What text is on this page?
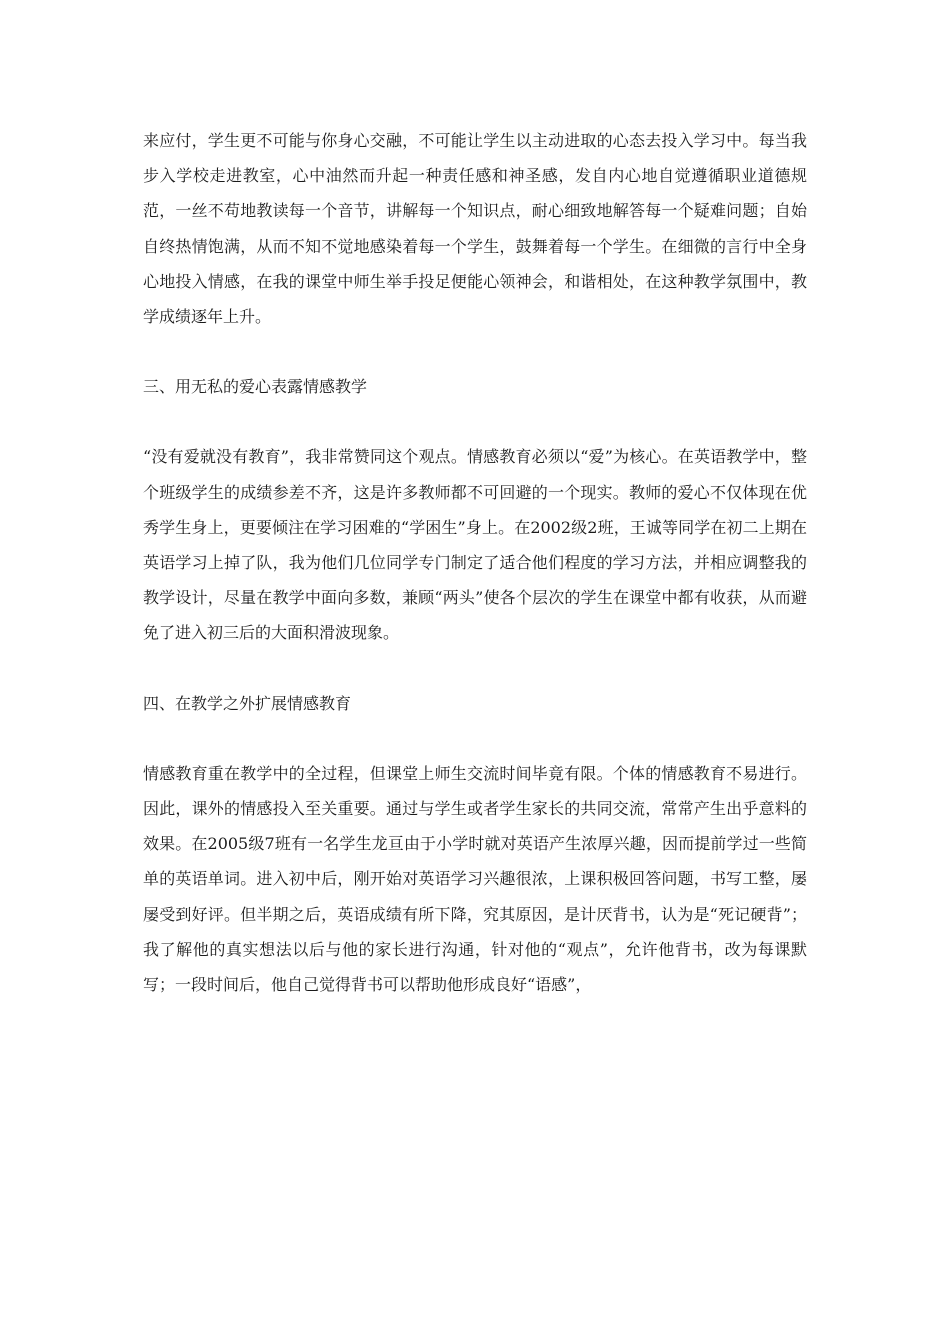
来应付，学生更不可能与你身心交融，不可能让学生以主动进取的心态去投入学习中。每当我步入学校走进教室，心中油然而升起一种责任感和神圣感，发自内心地自觉遵循职业道德规范，一丝不苟地教读每一个音节，讲解每一个知识点，耐心细致地解答每一个疑难问题；自始自终热情饱满，从而不知不觉地感染着每一个学生，鼓舞着每一个学生。在细微的言行中全身心地投入情感，在我的课堂中师生举手投足便能心领神会，和谐相处，在这种教学氛围中，教学成绩逐年上升。

三、用无私的爱心表露情感教学

“没有爱就没有教育”，我非常赞同这个观点。情感教育必须以“爱”为核心。在英语教学中，整个班级学生的成绩参差不齐，这是许多教师都不可回避的一个现实。教师的爱心不仅体现在优秀学生身上，更要倾注在学习困难的“学困生”身上。在2002级2班，王诚等同学在初二上期在英语学习上掉了队，我为他们几位同学专门制定了适合他们程度的学习方法，并相应调整我的教学设计，尽量在教学中面向多数，兼顾“两头”使各个层次的学生在课堂中都有收获，从而避免了进入初三后的大面积滑波现象。

四、在教学之外扩展情感教育

情感教育重在教学中的全过程，但课堂上师生交流时间毕竟有限。个体的情感教育不易进行。因此，课外的情感投入至关重要。通过与学生或者学生家长的共同交流，常常产生出乎意料的效果。在2005级7班有一名学生龙亘由于小学时就对英语产生浓厚兴趣，因而提前学过一些简单的英语单词。进入初中后，刚开始对英语学习兴趣很浓，上课积极回答问题，书写工整，屡屡受到好评。但半期之后，英语成绩有所下降，究其原因，是计厌背书，认为是“死记硬背”；我了解他的真实想法以后与他的家长进行沟通，针对他的“观点”，允许他背书，改为每课默写；一段时间后，他自己觉得背书可以帮助他形成良好“语感”，
